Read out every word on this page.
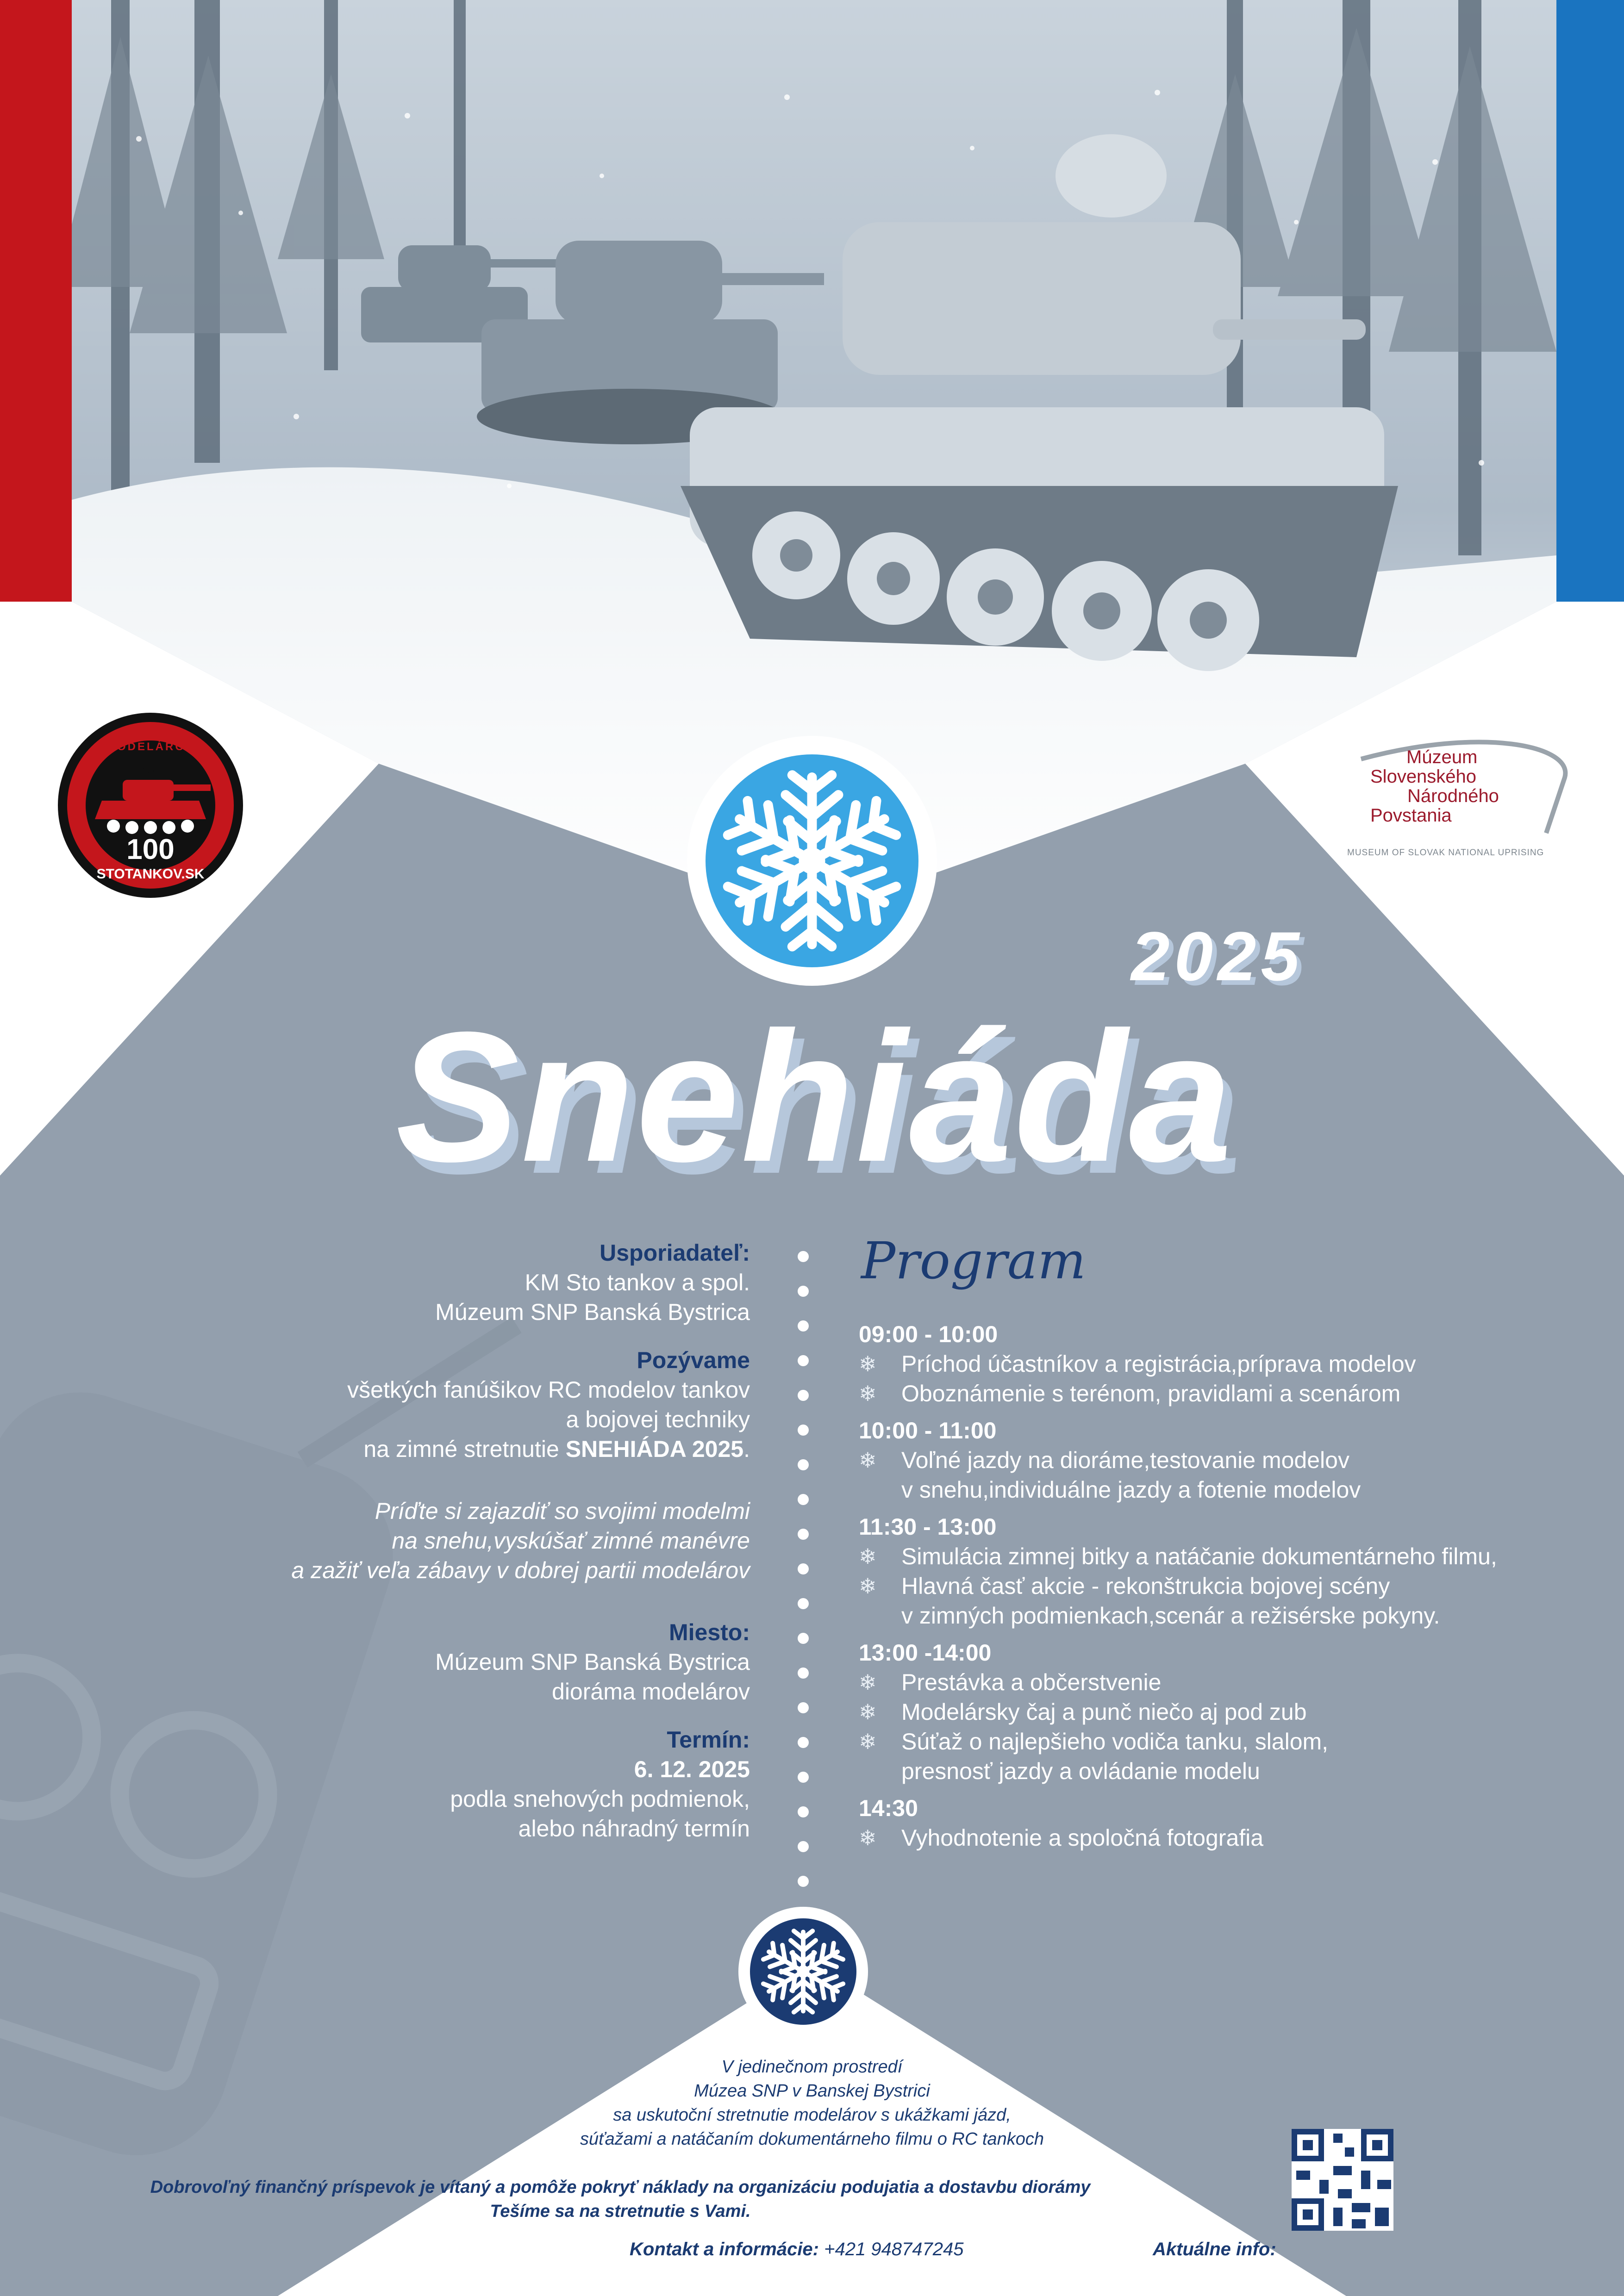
KLUB MODELÁROV
100
100
STOTANKOV.SK
Múzeum
Slovenského
Národného
Povstania
MUSEUM OF SLOVAK NATIONAL UPRISING
2025
Snehiáda
Usporiadateľ:
KM Sto tankov a spol.
Múzeum SNP Banská Bystrica
Pozývame
všetkých fanúšikov RC modelov tankov
a bojovej techniky
na zimné stretnutie SNEHIÁDA 2025.
Príďte si zajazdiť so svojimi modelmi
na snehu,vyskúšať zimné manévre
a zažiť veľa zábavy v dobrej partii modelárov
Miesto:
Múzeum SNP Banská Bystrica
dioráma modelárov
Termín:
6. 12. 2025
podla snehových podmienok,
alebo náhradný termín
Program
09:00 - 10:00
❄ Príchod účastníkov a registrácia,príprava modelov
❄ Oboznámenie s terénom, pravidlami a scenárom
10:00 - 11:00
❄ Voľné jazdy na dioráme,testovanie modelov
v snehu,individuálne jazdy a fotenie modelov
11:30 - 13:00
❄ Simulácia zimnej bitky a natáčanie dokumentárneho filmu,
❄ Hlavná časť akcie - rekonštrukcia bojovej scény
v zimných podmienkach,scenár a režisérske pokyny.
13:00 -14:00
❄ Prestávka a občerstvenie
❄ Modelársky čaj a punč niečo aj pod zub
❄ Súťaž o najlepšieho vodiča tanku, slalom,
presnosť jazdy a ovládanie modelu
14:30
❄ Vyhodnotenie a spoločná fotografia
V jedinečnom prostredí
Múzea SNP v Banskej Bystrici
sa uskutoční stretnutie modelárov s ukážkami jázd,
súťažami a natáčaním dokumentárneho filmu o RC tankoch
Dobrovoľný finančný príspevok je vítaný a pomôže pokryť náklady na organizáciu podujatia a dostavbu diorámy
Tešíme sa na stretnutie s Vami.
Kontakt a informácie: +421 948747245	Aktuálne info:
